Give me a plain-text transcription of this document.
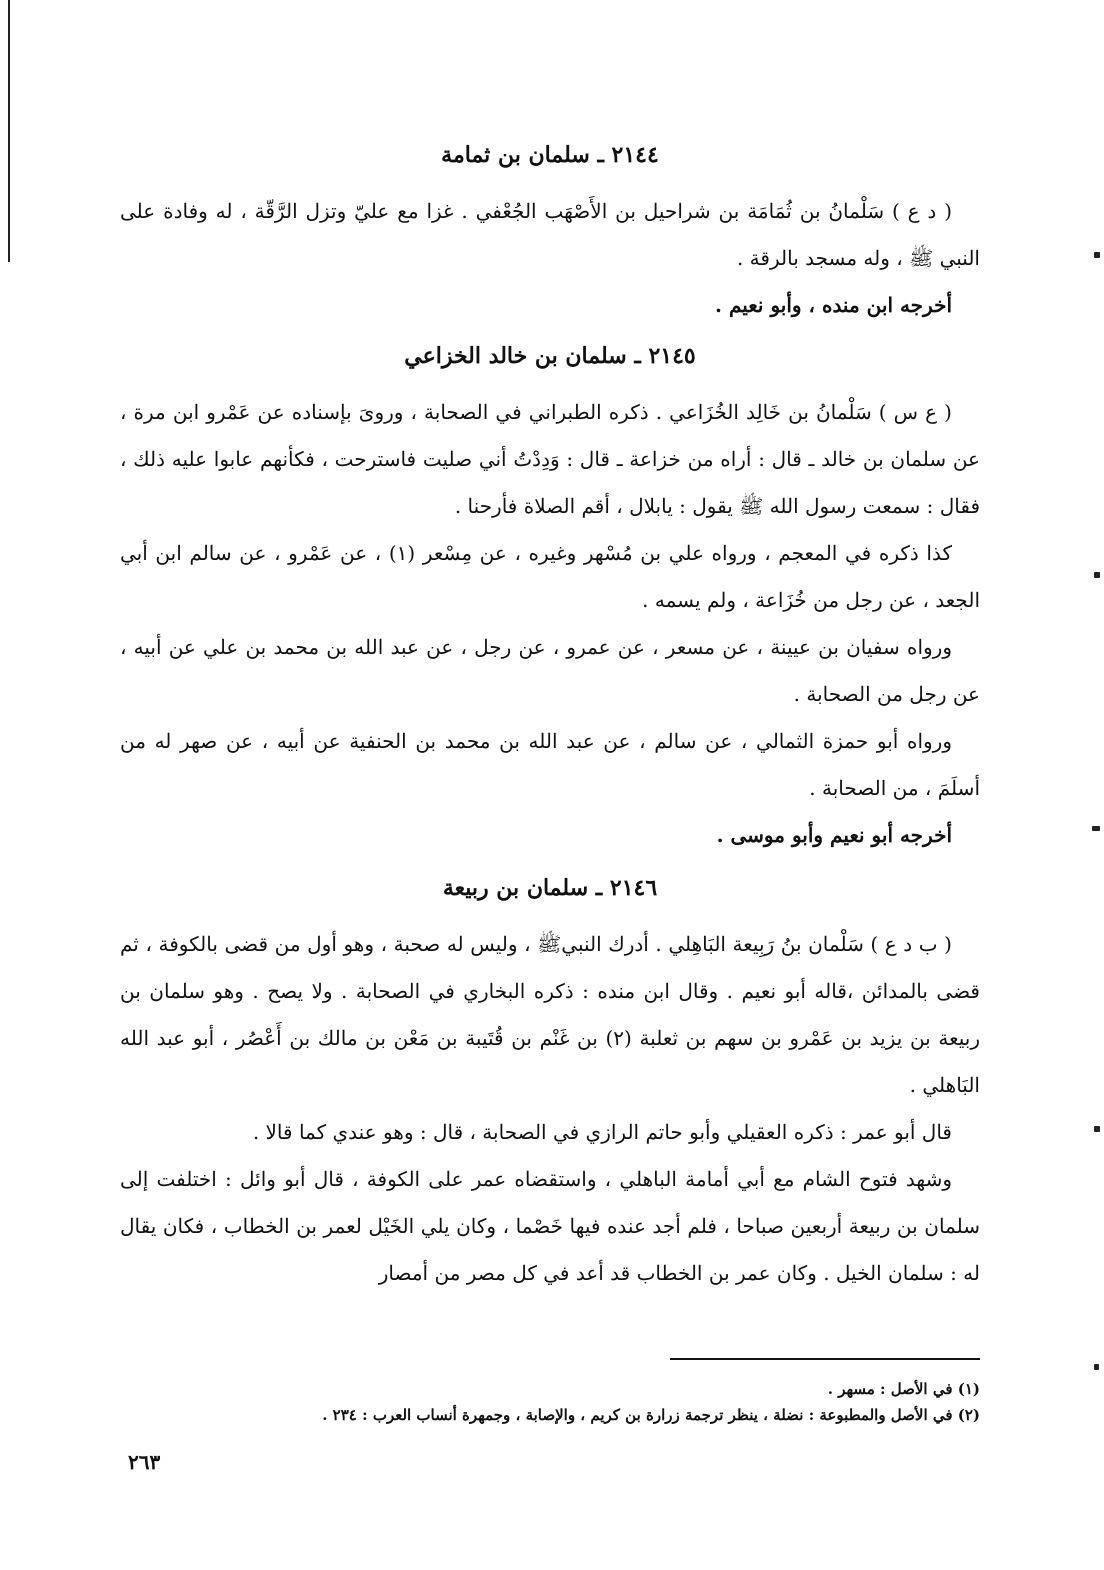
٢١٤٤ ـ سلمان بن ثمامة

( د ع ) سَلْمانُ بن ثُمَامَة بن شراحيل بن الأَصْهَب الجُعْفي . غزا مع عليّ وتزل الرَّقّة ، له وفادة على النبي ﷺ ، وله مسجد بالرقة .

أخرجه ابن منده ، وأبو نعيم .

٢١٤٥ ـ سلمان بن خالد الخزاعي

( ع س ) سَلْمانُ بن خَالِد الخُزَاعي . ذكره الطبراني في الصحابة ، وروىَ بإسناده عن عَمْرو ابن مرة ، عن سلمان بن خالد ـ قال : أراه من خزاعة ـ قال : وَدِدْتُ أني صليت فاسترحت ، فكأنهم عابوا عليه ذلك ، فقال : سمعت رسول الله ﷺ يقول : يابلال ، أقم الصلاة فأرحنا .

كذا ذكره في المعجم ، ورواه علي بن مُسْهر وغيره ، عن مِسْعر (١) ، عن عَمْرو ، عن سالم ابن أبي الجعد ، عن رجل من خُزَاعة ، ولم يسمه .

ورواه سفيان بن عيينة ، عن مسعر ، عن عمرو ، عن رجل ، عن عبد الله بن محمد بن علي عن أبيه ، عن رجل من الصحابة .

ورواه أبو حمزة الثمالي ، عن سالم ، عن عبد الله بن محمد بن الحنفية عن أبيه ، عن صهر له من أسلَمَ ، من الصحابة .

أخرجه أبو نعيم وأبو موسى .

٢١٤٦ ـ سلمان بن ربيعة

( ب د ع ) سَلْمان بنُ رَبِيعة البَاهِلي . أدرك النبيﷺ ، وليس له صحبة ، وهو أول من قضى بالكوفة ، ثم قضى بالمدائن ،قاله أبو نعيم . وقال ابن منده : ذكره البخاري في الصحابة . ولا يصح . وهو سلمان بن ربيعة بن يزيد بن عَمْرو بن سهم بن ثعلبة (٢) بن غَنْم بن قُتَيبة بن مَعْن بن مالك بن أَعْصُر ، أبو عبد الله البَاهلي .

قال أبو عمر : ذكره العقيلي وأبو حاتم الرازي في الصحابة ، قال : وهو عندي كما قالا .

وشهد فتوح الشام مع أبي أمامة الباهلي ، واستقضاه عمر على الكوفة ، قال أبو وائل : اختلفت إلى سلمان بن ربيعة أربعين صباحا ، فلم أجد عنده فيها خَصْما ، وكان يلي الخَيْل لعمر بن الخطاب ، فكان يقال له : سلمان الخيل . وكان عمر بن الخطاب قد أعد في كل مصر من أمصار

(١) في الأصل : مسهر .

(٢) في الأصل والمطبوعة : نضلة ، ينظر ترجمة زرارة بن كريم ، والإصابة ، وجمهرة أنساب العرب : ٢٣٤ .

٢٦٣
